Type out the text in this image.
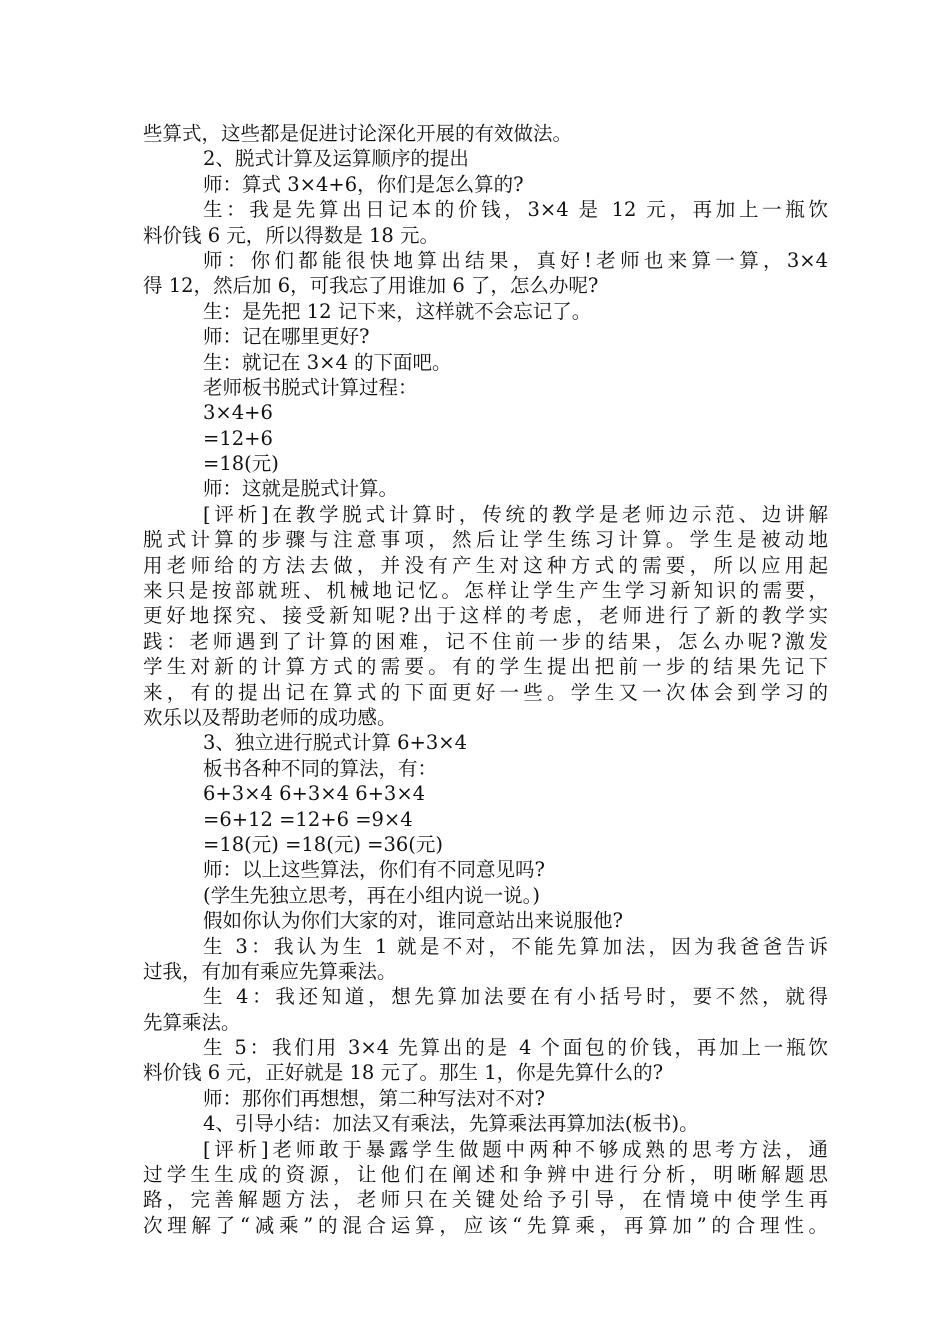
些算式，这些都是促进讨论深化开展的有效做法。
2、脱式计算及运算顺序的提出
师：算式 3×4+6，你们是怎么算的?
生：我是先算出日记本的价钱，3×4 是 12 元，再加上一瓶饮
料价钱 6 元，所以得数是 18 元。
师：你们都能很快地算出结果，真好!老师也来算一算，3×4
得 12，然后加 6，可我忘了用谁加 6 了，怎么办呢?
生：是先把 12 记下来，这样就不会忘记了。
师：记在哪里更好?
生：就记在 3×4 的下面吧。
老师板书脱式计算过程：
3×4+6
=12+6
=18(元)
师：这就是脱式计算。
[评析]在教学脱式计算时，传统的教学是老师边示范、边讲解
脱式计算的步骤与注意事项，然后让学生练习计算。学生是被动地
用老师给的方法去做，并没有产生对这种方式的需要，所以应用起
来只是按部就班、机械地记忆。怎样让学生产生学习新知识的需要，
更好地探究、接受新知呢?出于这样的考虑，老师进行了新的教学实
践：老师遇到了计算的困难，记不住前一步的结果，怎么办呢?激发
学生对新的计算方式的需要。有的学生提出把前一步的结果先记下
来，有的提出记在算式的下面更好一些。学生又一次体会到学习的
欢乐以及帮助老师的成功感。
3、独立进行脱式计算 6+3×4
板书各种不同的算法，有：
6+3×4 6+3×4 6+3×4
=6+12 =12+6 =9×4
=18(元) =18(元) =36(元)
师：以上这些算法，你们有不同意见吗?
(学生先独立思考，再在小组内说一说。)
假如你认为你们大家的对，谁同意站出来说服他?
生 3：我认为生 1 就是不对，不能先算加法，因为我爸爸告诉
过我，有加有乘应先算乘法。
生 4：我还知道，想先算加法要在有小括号时，要不然，就得
先算乘法。
生 5：我们用 3×4 先算出的是 4 个面包的价钱，再加上一瓶饮
料价钱 6 元，正好就是 18 元了。那生 1，你是先算什么的?
师：那你们再想想，第二种写法对不对?
4、引导小结：加法又有乘法，先算乘法再算加法(板书)。
[评析]老师敢于暴露学生做题中两种不够成熟的思考方法，通
过学生生成的资源，让他们在阐述和争辨中进行分析，明晰解题思
路，完善解题方法，老师只在关键处给予引导，在情境中使学生再
次理解了“减乘”的混合运算，应该“先算乘，再算加”的合理性。
